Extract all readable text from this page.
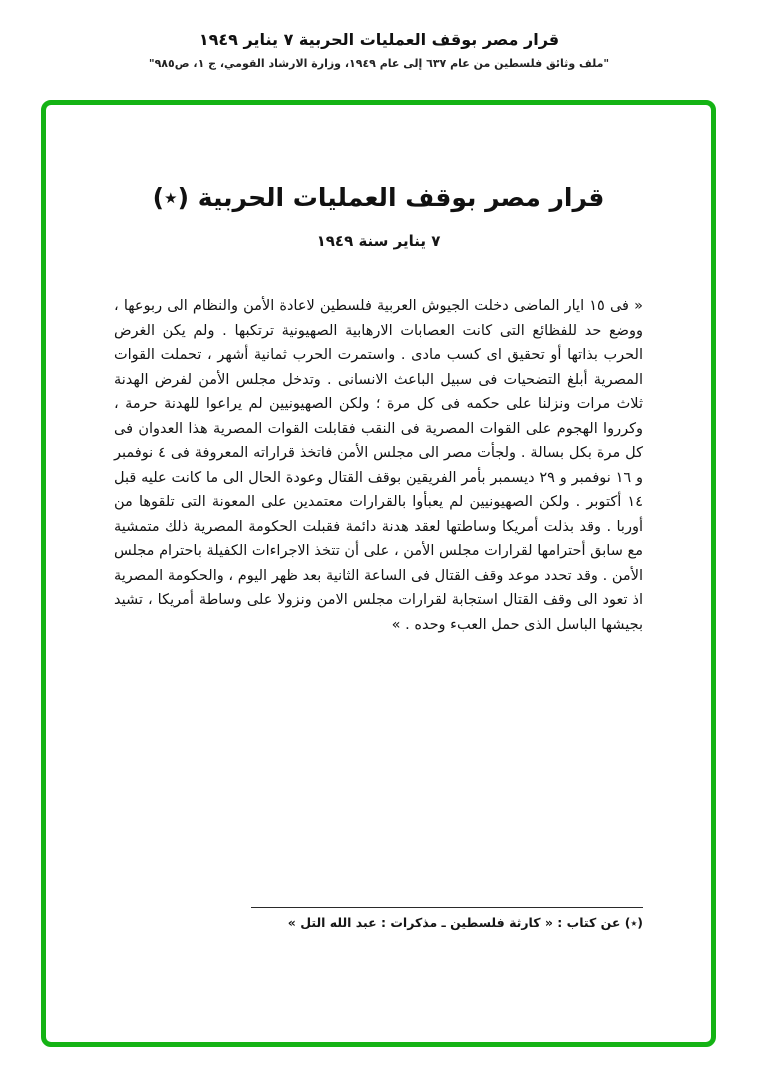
قرار مصر بوقف العمليات الحربية ٧ يناير ١٩٤٩
"ملف وثائق فلسطين من عام ٦٣٧ إلى عام ١٩٤٩، وزارة الارشاد القومي، ج ١، ص٩٨٥"
قرار مصر بوقف العمليات الحربية (٭)
٧ يناير سنة ١٩٤٩

« فى ١٥ ايار الماضى دخلت الجيوش العربية فلسطين لاعادة الأمن والنظام الى ربوعها ، ووضع حد للفظائع التى كانت العصابات الارهابية الصهيونية ترتكبها . ولم يكن الغرض الحرب بذاتها أو تحقيق اى كسب مادى . واستمرت الحرب ثمانية أشهر ، تحملت القوات المصرية أبلغ التضحيات فى سبيل الباعث الانسانى . وتدخل مجلس الأمن لفرض الهدنة ثلاث مرات ونزلنا على حكمه فى كل مرة ؛ ولكن الصهيونيين لم يراعوا للهدنة حرمة ، وكرروا الهجوم على القوات المصرية فى النقب فقابلت القوات المصرية هذا العدوان فى كل مرة بكل بسالة . ولجأت مصر الى مجلس الأمن فاتخذ قراراته المعروفة فى ٤ نوفمبر و ١٦ نوفمبر و ٢٩ ديسمبر بأمر الفريقين بوقف القتال وعودة الحال الى ما كانت عليه قبل ١٤ أكتوبر . ولكن الصهيونيين لم يعبأوا بالقرارات معتمدين على المعونة التى تلقوها من أوربا . وقد بذلت أمريكا وساطتها لعقد هدنة دائمة فقبلت الحكومة المصرية ذلك متمشية مع سابق أحترامها لقرارات مجلس الأمن ، على أن تتخذ الاجراءات الكفيلة باحترام مجلس الأمن . وقد تحدد موعد وقف القتال فى الساعة الثانية بعد ظهر اليوم ، والحكومة المصرية اذ تعود الى وقف القتال استجابة لقرارات مجلس الامن ونزولا على وساطة أمريكا ، تشيد بجيشها الباسل الذى حمل العبء وحده . »

(٭) عن كتاب : « كارثة فلسطين ـ مذكرات : عبد الله التل »
